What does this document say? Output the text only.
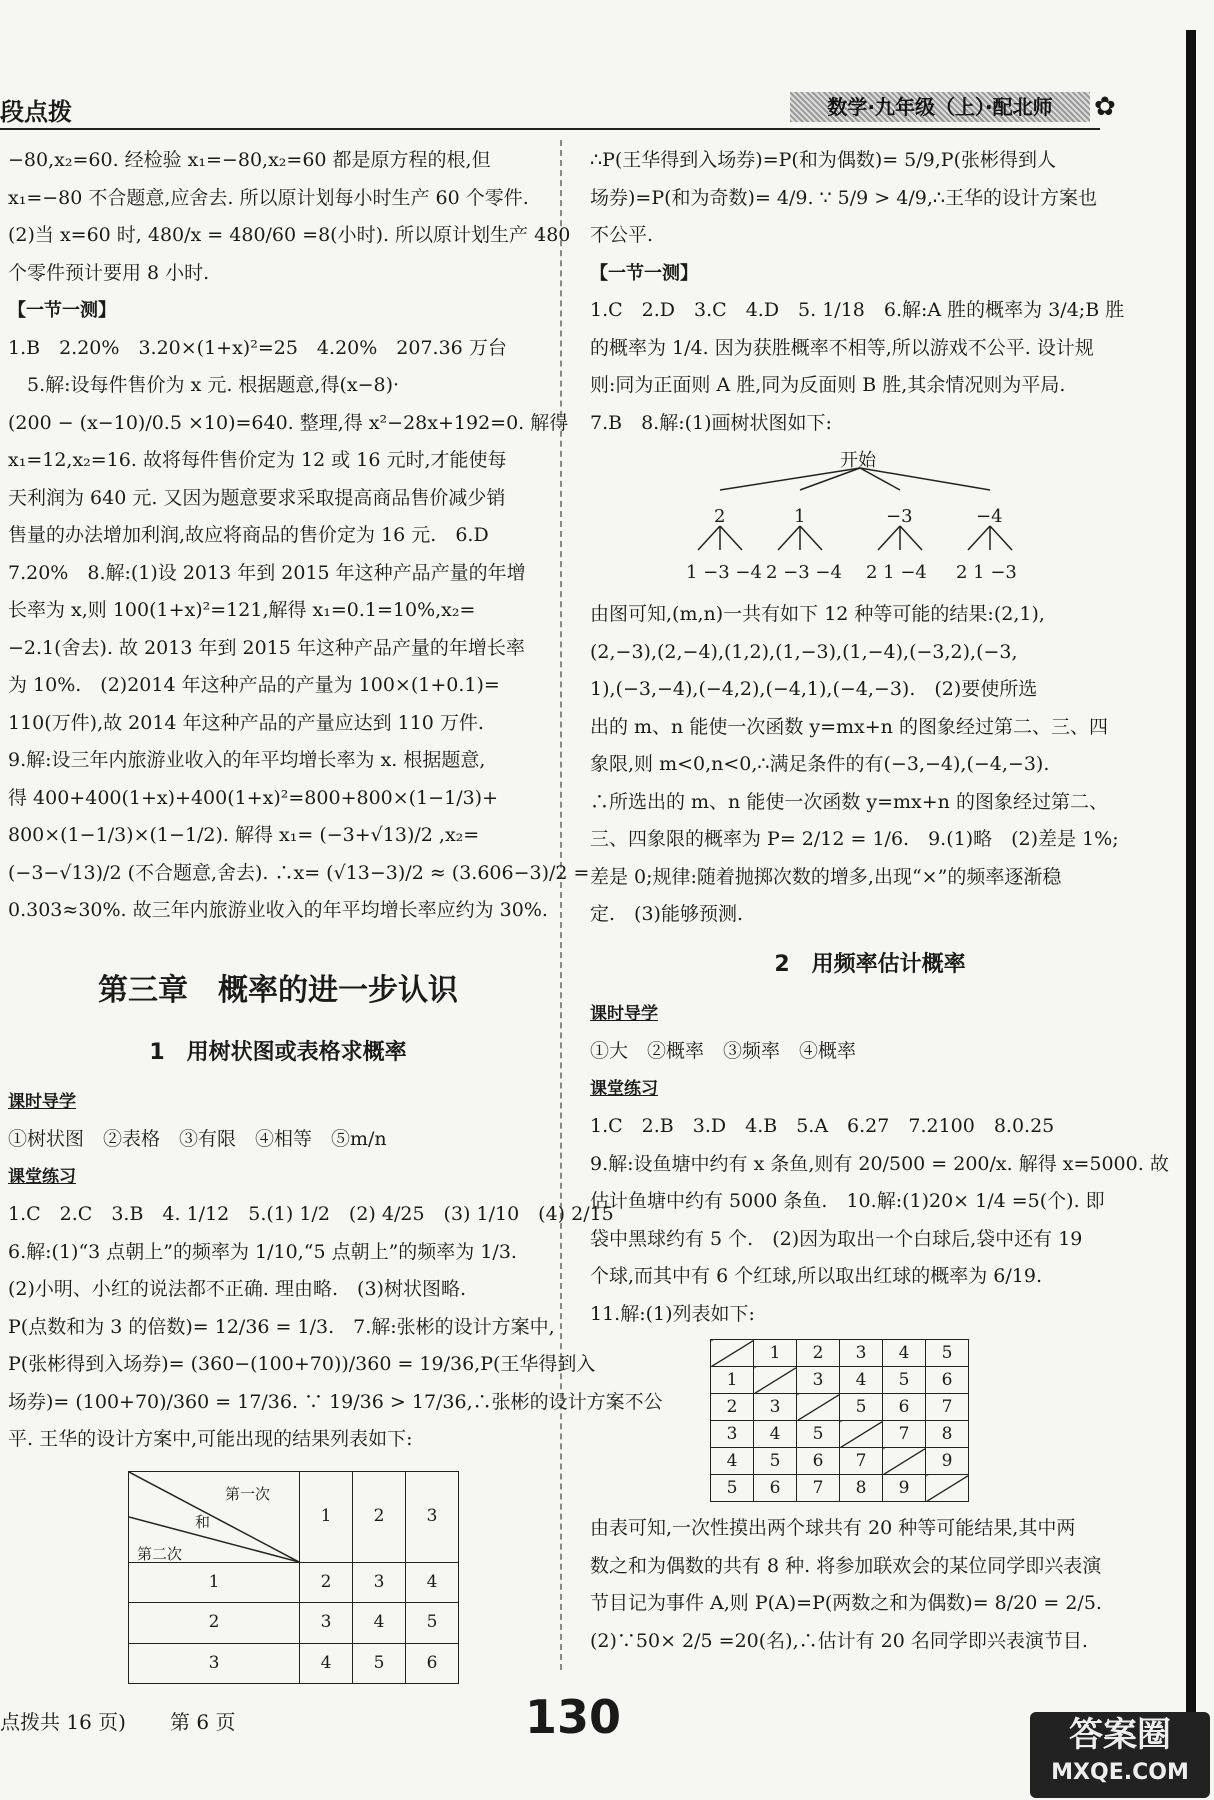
段点拨	数学·九年级（上）·配北师	✿

−80,x₂=60. 经检验 x₁=−80,x₂=60 都是原方程的根,但

x₁=−80 不合题意,应舍去. 所以原计划每小时生产 60 个零件.

(2)当 x=60 时, 480/x = 480/60 =8(小时). 所以原计划生产 480

个零件预计要用 8 小时.

【一节一测】

1.B　2.20%　3.20×(1+x)²=25　4.20%　207.36 万台

　5.解:设每件售价为 x 元. 根据题意,得(x−8)·

(200 − (x−10)/0.5 ×10)=640. 整理,得 x²−28x+192=0. 解得

x₁=12,x₂=16. 故将每件售价定为 12 或 16 元时,才能使每

天利润为 640 元. 又因为题意要求采取提高商品售价减少销

售量的办法增加利润,故应将商品的售价定为 16 元.　6.D

7.20%　8.解:(1)设 2013 年到 2015 年这种产品产量的年增

长率为 x,则 100(1+x)²=121,解得 x₁=0.1=10%,x₂=

−2.1(舍去). 故 2013 年到 2015 年这种产品产量的年增长率

为 10%.　(2)2014 年这种产品的产量为 100×(1+0.1)=

110(万件),故 2014 年这种产品的产量应达到 110 万件.

9.解:设三年内旅游业收入的年平均增长率为 x. 根据题意,

得 400+400(1+x)+400(1+x)²=800+800×(1−1/3)+

800×(1−1/3)×(1−1/2). 解得 x₁= (−3+√13)/2 ,x₂=

(−3−√13)/2 (不合题意,舍去). ∴x= (√13−3)/2 ≈ (3.606−3)/2 =

0.303≈30%. 故三年内旅游业收入的年平均增长率应约为 30%.

第三章　概率的进一步认识

1　用树状图或表格求概率

课时导学

①树状图　②表格　③有限　④相等　⑤m/n

课堂练习

1.C　2.C　3.B　4. 1/12　5.(1) 1/2　(2) 4/25　(3) 1/10　(4) 2/15

6.解:(1)“3 点朝上”的频率为 1/10,“5 点朝上”的频率为 1/3.

(2)小明、小红的说法都不正确. 理由略.　(3)树状图略.

P(点数和为 3 的倍数)= 12/36 = 1/3.　7.解:张彬的设计方案中,

P(张彬得到入场券)= (360−(100+70))/360 = 19/36,P(王华得到入

场券)= (100+70)/360 = 17/36. ∵ 19/36 > 17/36,∴张彬的设计方案不公

平. 王华的设计方案中,可能出现的结果列表如下:

第一次
和
第二次	1	2	3
1	2	3	4
2	3	4	5
3	4	5	6

∴P(王华得到入场券)=P(和为偶数)= 5/9,P(张彬得到人

场券)=P(和为奇数)= 4/9. ∵ 5/9 > 4/9,∴王华的设计方案也

不公平.

【一节一测】

1.C　2.D　3.C　4.D　5. 1/18　6.解:A 胜的概率为 3/4;B 胜

的概率为 1/4. 因为获胜概率不相等,所以游戏不公平. 设计规

则:同为正面则 A 胜,同为反面则 B 胜,其余情况则为平局.

7.B　8.解:(1)画树状图如下:

开始
2	1	−3	−4
1 −3 −4 2 −3 −4 2 1 −4 2 1 −3

由图可知,(m,n)一共有如下 12 种等可能的结果:(2,1),

(2,−3),(2,−4),(1,2),(1,−3),(1,−4),(−3,2),(−3,

1),(−3,−4),(−4,2),(−4,1),(−4,−3).　(2)要使所选

出的 m、n 能使一次函数 y=mx+n 的图象经过第二、三、四

象限,则 m<0,n<0,∴满足条件的有(−3,−4),(−4,−3).

∴所选出的 m、n 能使一次函数 y=mx+n 的图象经过第二、

三、四象限的概率为 P= 2/12 = 1/6.　9.(1)略　(2)差是 1%;

差是 0;规律:随着抛掷次数的增多,出现“×”的频率逐渐稳

定.　(3)能够预测.

2　用频率估计概率

课时导学

①大　②概率　③频率　④概率

课堂练习

1.C　2.B　3.D　4.B　5.A　6.27　7.2100　8.0.25

9.解:设鱼塘中约有 x 条鱼,则有 20/500 = 200/x. 解得 x=5000. 故

估计鱼塘中约有 5000 条鱼.　10.解:(1)20× 1/4 =5(个). 即

袋中黑球约有 5 个.　(2)因为取出一个白球后,袋中还有 19

个球,而其中有 6 个红球,所以取出红球的概率为 6/19.

11.解:(1)列表如下:

	1	2	3	4	5
1		3	4	5	6
2	3		5	6	7
3	4	5		7	8
4	5	6	7		9
5	6	7	8	9	

由表可知,一次性摸出两个球共有 20 种等可能结果,其中两

数之和为偶数的共有 8 种. 将参加联欢会的某位同学即兴表演

节目记为事件 A,则 P(A)=P(两数之和为偶数)= 8/20 = 2/5.

(2)∵50× 2/5 =20(名),∴估计有 20 名同学即兴表演节目.

点拨共 16 页) 第 6 页	130	答案圈
MXQE.COM
